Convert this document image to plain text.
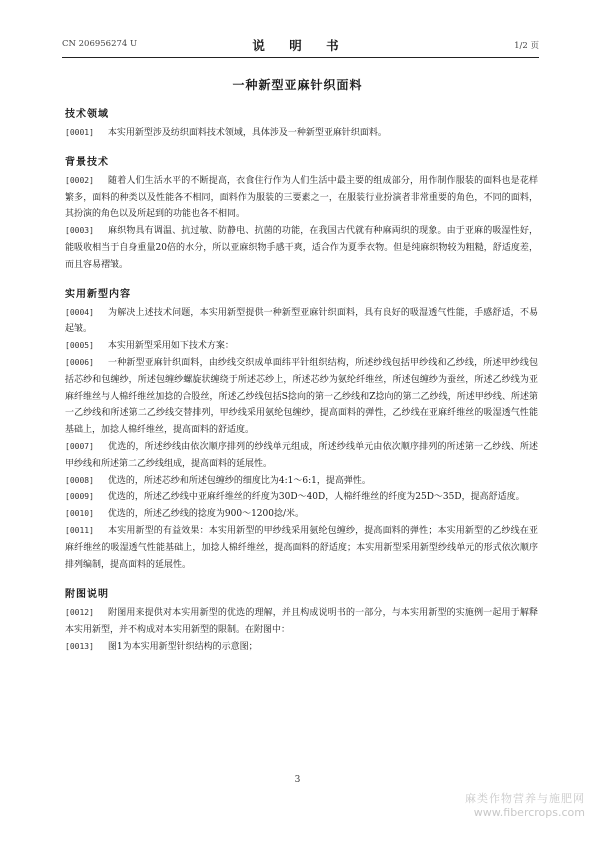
CN 206956274 U	说 明 书	1/2 页
一种新型亚麻针织面料

技术领域

[0001] 本实用新型涉及纺织面料技术领域，具体涉及一种新型亚麻针织面料。

背景技术

[0002] 随着人们生活水平的不断提高，衣食住行作为人们生活中最主要的组成部分，用作制作服装的面料也是花样繁多，面料的种类以及性能各不相同，面料作为服装的三要素之一，在服装行业扮演者非常重要的角色，不同的面料，其扮演的角色以及所起到的功能也各不相同。

[0003] 麻织物具有调温、抗过敏、防静电、抗菌的功能，在我国古代就有种麻両织的现象。由于亚麻的吸湿性好，能吸收相当于自身重量20倍的水分，所以亚麻织物手感干爽，适合作为夏季衣物。但是纯麻织物较为粗糙，舒适度差，而且容易褶皱。

实用新型内容

[0004] 为解决上述技术问题，本实用新型提供一种新型亚麻针织面料，具有良好的吸湿透气性能，手感舒适，不易起皱。

[0005] 本实用新型采用如下技术方案：

[0006] 一种新型亚麻针织面料，由纱线交织成单面纬平针组织结构，所述纱线包括甲纱线和乙纱线，所述甲纱线包括芯纱和包缠纱，所述包缠纱螺旋状缠绕于所述芯纱上，所述芯纱为氨纶纤维丝，所述包缠纱为蚕丝，所述乙纱线为亚麻纤维丝与人棉纤维丝加捻的合股丝，所述乙纱线包括S捻向的第一乙纱线和Z捻向的第二乙纱线，所述甲纱线、所述第一乙纱线和所述第二乙纱线交替排列，甲纱线采用氨纶包缠纱，提高面料的弹性，乙纱线在亚麻纤维丝的吸湿透气性能基础上，加捻人棉纤维丝，提高面料的舒适度。

[0007] 优选的，所述纱线由依次顺序排列的纱线单元组成，所述纱线单元由依次顺序排列的所述第一乙纱线、所述甲纱线和所述第二乙纱线组成，提高面料的延展性。

[0008] 优选的，所述芯纱和所述包缠纱的细度比为4:1～6:1，提高弹性。

[0009] 优选的，所述乙纱线中亚麻纤维丝的纤度为30D～40D，人棉纤维丝的纤度为25D～35D，提高舒适度。

[0010] 优选的，所述乙纱线的捻度为900～1200捻/米。

[0011] 本实用新型的有益效果：本实用新型的甲纱线采用氨纶包缠纱，提高面料的弹性；本实用新型的乙纱线在亚麻纤维丝的吸湿透气性能基础上，加捻人棉纤维丝，提高面料的舒适度；本实用新型采用新型纱线单元的形式依次顺序排列编制，提高面料的延展性。

附图说明

[0012] 附图用来提供对本实用新型的优选的理解，并且构成说明书的一部分，与本实用新型的实施例一起用于解释本实用新型，并不构成对本实用新型的限制。在附图中：

[0013] 图1为本实用新型针织结构的示意图；

3
麻类作物营养与施肥网
www.fibercrops.com
